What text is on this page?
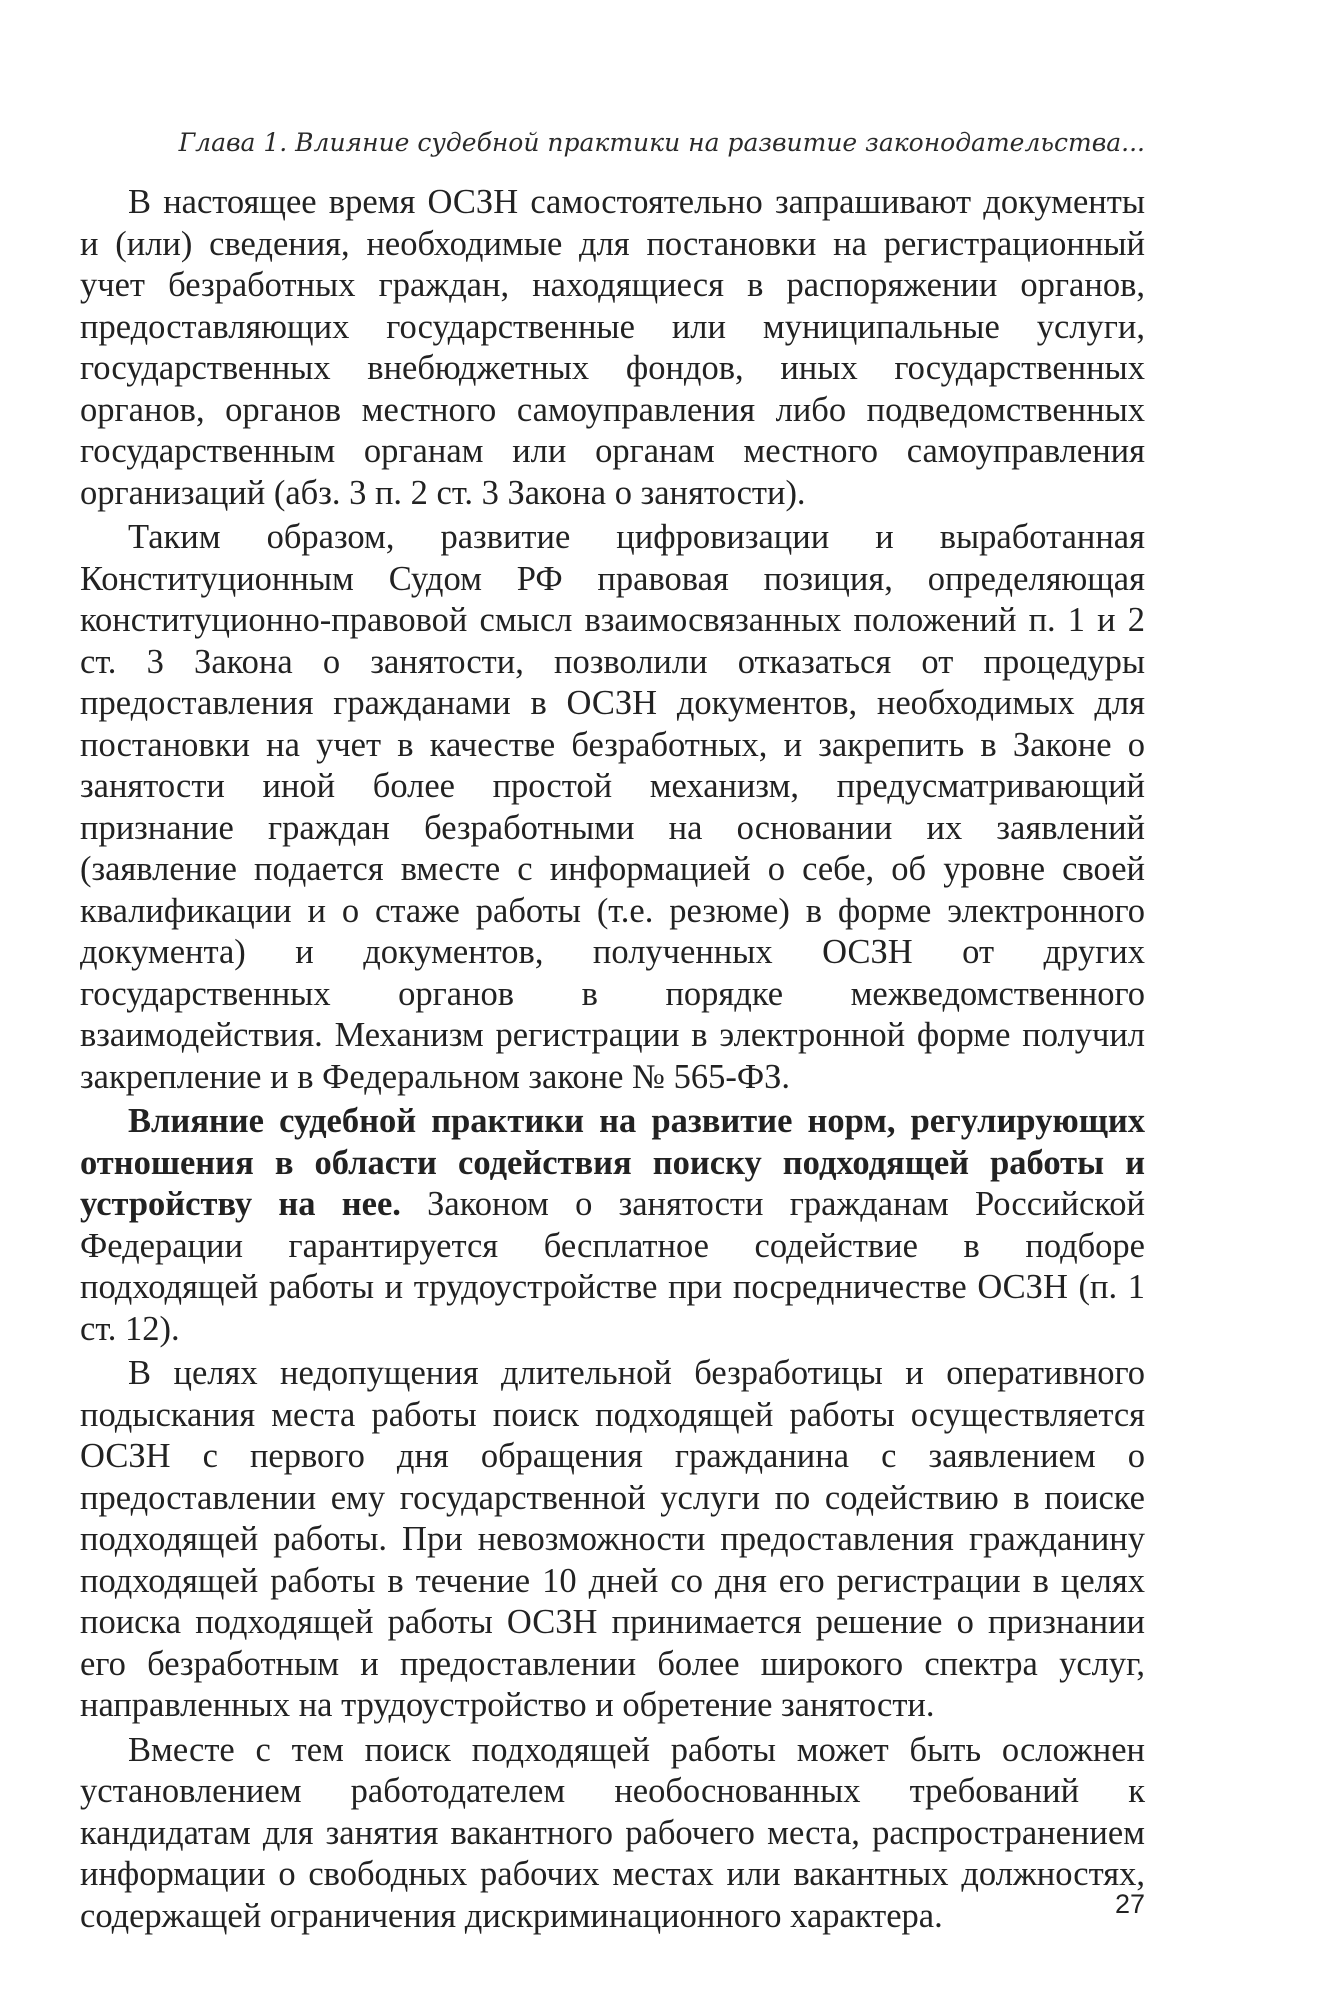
Глава 1. Влияние судебной практики на развитие законодательства...

В настоящее время ОСЗН самостоятельно запрашивают документы и (или) сведения, необходимые для постановки на регистрационный учет безработных граждан, находящиеся в распоряжении органов, предоставляющих государственные или муниципальные услуги, государственных внебюджетных фондов, иных государственных органов, органов местного самоуправления либо подведомственных государственным органам или органам местного самоуправления организаций (абз. 3 п. 2 ст. 3 Закона о занятости).

Таким образом, развитие цифровизации и выработанная Конституционным Судом РФ правовая позиция, определяющая конституционно-правовой смысл взаимосвязанных положений п. 1 и 2 ст. 3 Закона о занятости, позволили отказаться от процедуры предоставления гражданами в ОСЗН документов, необходимых для постановки на учет в качестве безработных, и закрепить в Законе о занятости иной более простой механизм, предусматривающий признание граждан безработными на основании их заявлений (заявление подается вместе с информацией о себе, об уровне своей квалификации и о стаже работы (т.е. резюме) в форме электронного документа) и документов, полученных ОСЗН от других государственных органов в порядке межведомственного взаимодействия. Механизм регистрации в электронной форме получил закрепление и в Федеральном законе № 565-ФЗ.

Влияние судебной практики на развитие норм, регулирующих отношения в области содействия поиску подходящей работы и устройству на нее. Законом о занятости гражданам Российской Федерации гарантируется бесплатное содействие в подборе подходящей работы и трудоустройстве при посредничестве ОСЗН (п. 1 ст. 12).

В целях недопущения длительной безработицы и оперативного подыскания места работы поиск подходящей работы осуществляется ОСЗН с первого дня обращения гражданина с заявлением о предоставлении ему государственной услуги по содействию в поиске подходящей работы. При невозможности предоставления гражданину подходящей работы в течение 10 дней со дня его регистрации в целях поиска подходящей работы ОСЗН принимается решение о признании его безработным и предоставлении более широкого спектра услуг, направленных на трудоустройство и обретение занятости.

Вместе с тем поиск подходящей работы может быть осложнен установлением работодателем необоснованных требований к кандидатам для занятия вакантного рабочего места, распространением информации о свободных рабочих местах или вакантных должностях, содержащей ограничения дискриминационного характера.	27
